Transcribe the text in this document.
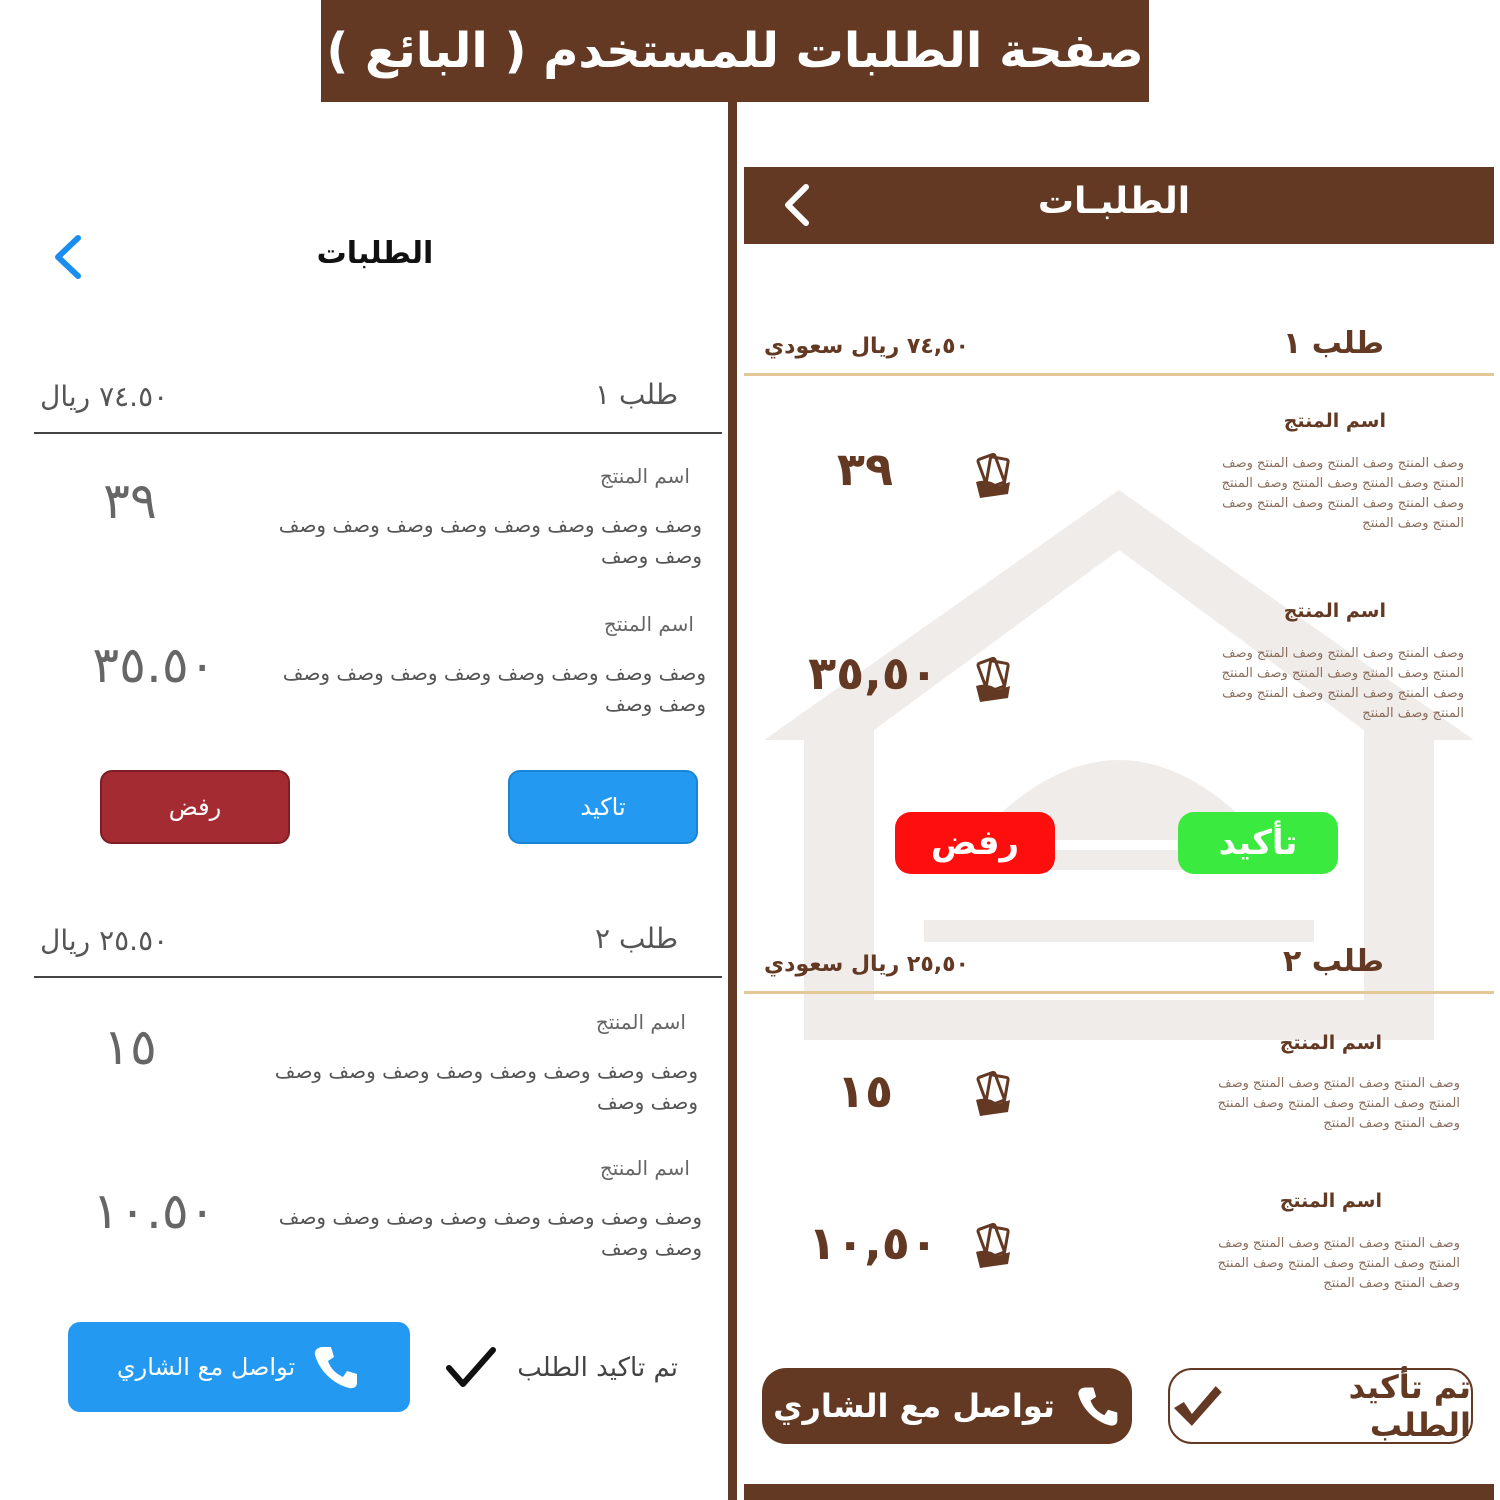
صفحة الطلبات للمستخدم ( البائع )
الطلبات
طلب ١
٧٤.٥٠ ريال
اسم المنتج
وصف وصف وصف وصف وصف وصف وصف وصف وصف وصف
٣٩
اسم المنتج
وصف وصف وصف وصف وصف وصف وصف وصف وصف وصف
٣٥.٥٠
رفض	تاكيد
طلب ٢
٢٥.٥٠ ريال
اسم المنتج
وصف وصف وصف وصف وصف وصف وصف وصف وصف وصف
١٥
اسم المنتج
وصف وصف وصف وصف وصف وصف وصف وصف وصف وصف
١٠.٥٠
تواصل مع الشاري	تم تاكيد الطلب
الطلبـات
طلب ١
٧٤,٥٠ ريال سعودي
اسم المنتج
وصف المنتج وصف المنتج وصف المنتج وصف المنتج وصف المنتج وصف المنتج وصف المنتج وصف المنتج وصف المنتج وصف المنتج وصف المنتج وصف المنتج
٣٩
اسم المنتج
وصف المنتج وصف المنتج وصف المنتج وصف المنتج وصف المنتج وصف المنتج وصف المنتج وصف المنتج وصف المنتج وصف المنتج وصف المنتج وصف المنتج
٣٥,٥٠
رفض	تأكيد
طلب ٢
٢٥,٥٠ ريال سعودي
اسم المنتج
وصف المنتج وصف المنتج وصف المنتج وصف المنتج وصف المنتج وصف المنتج وصف المنتج وصف المنتج وصف المنتج
١٥
اسم المنتج
وصف المنتج وصف المنتج وصف المنتج وصف المنتج وصف المنتج وصف المنتج وصف المنتج وصف المنتج وصف المنتج
١٠,٥٠
تواصل مع الشاري	تم تأكيد الطلب
